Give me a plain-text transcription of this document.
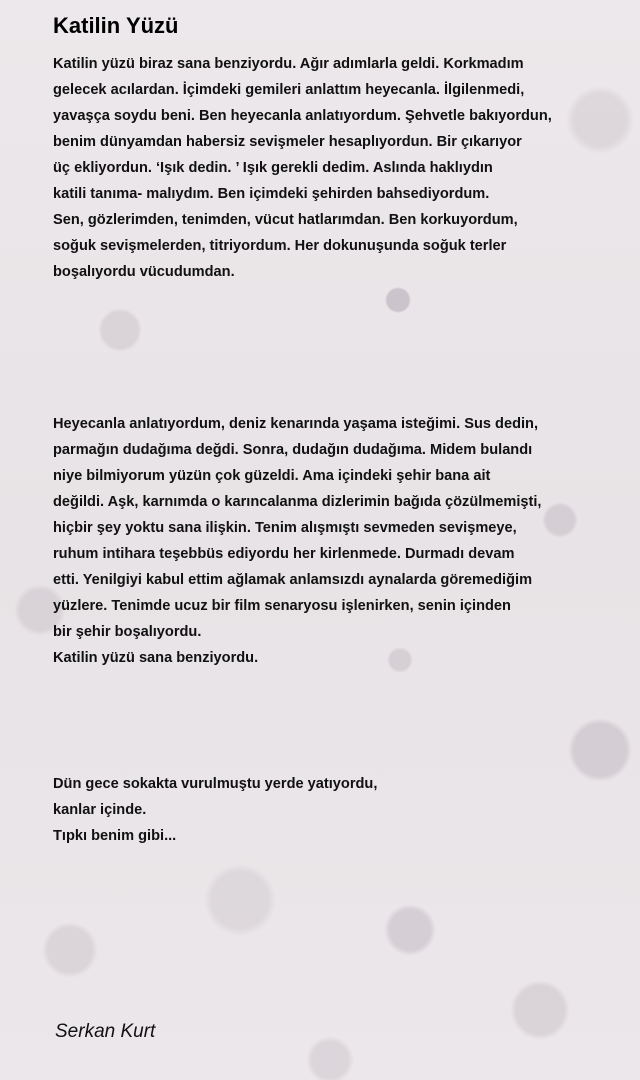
Katilin Yüzü

Katilin yüzü biraz sana benziyordu. Ağır adımlarla geldi. Korkmadım
gelecek acılardan. İçimdeki gemileri anlattım heyecanla. İlgilenmedi,
yavaşça soydu beni. Ben heyecanla anlatıyordum. Şehvetle bakıyordun,
benim dünyamdan habersiz sevişmeler hesaplıyordun. Bir çıkarıyor
üç ekliyordun. ‘Işık dedin. ’ Işık gerekli dedim. Aslında haklıydın
katili tanıma- malıydım. Ben içimdeki şehirden bahsediyordum.
Sen, gözlerimden, tenimden, vücut hatlarımdan. Ben korkuyordum,
soğuk sevişmelerden, titriyordum. Her dokunuşunda soğuk terler
boşalıyordu vücudumdan.

Heyecanla anlatıyordum, deniz kenarında yaşama isteğimi. Sus dedin,
parmağın dudağıma değdi. Sonra, dudağın dudağıma. Midem bulandı
niye bilmiyorum yüzün çok güzeldi. Ama içindeki şehir bana ait
değildi. Aşk, karnımda o karıncalanma dizlerimin bağıda çözülmemişti,
hiçbir şey yoktu sana ilişkin. Tenim alışmıştı sevmeden sevişmeye,
ruhum intihara teşebbüs ediyordu her kirlenmede. Durmadı devam
etti. Yenilgiyi kabul ettim ağlamak anlamsızdı aynalarda göremediğim
yüzlere. Tenimde ucuz bir film senaryosu işlenirken, senin içinden
bir şehir boşalıyordu.
Katilin yüzü sana benziyordu.

Dün gece sokakta vurulmuştu yerde yatıyordu,
kanlar içinde.
Tıpkı benim gibi...

Serkan Kurt
